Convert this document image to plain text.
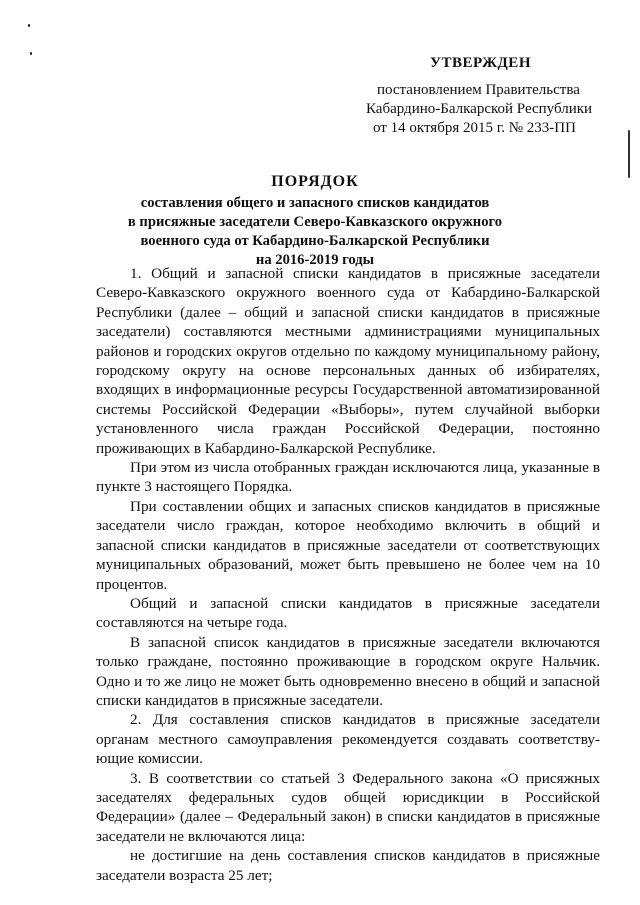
УТВЕРЖДЕН
постановлением Правительства
Кабардино-Балкарской Республики
от 14 октября 2015 г. № 233-ПП
ПОРЯДОК
составления общего и запасного списков кандидатов
в присяжные заседатели Северо-Кавказского окружного
военного суда от Кабардино-Балкарской Республики
на 2016-2019 годы

1. Общий и запасной списки кандидатов в присяжные заседатели Северо-Кавказского окружного военного суда от Кабардино-Балкарской Республики (далее – общий и запасной списки кандидатов в присяжные заседатели) составляются местными администрациями муниципальных районов и городских округов отдельно по каждому муниципальному району, городскому округу на основе персональных данных об избирателях, входящих в информационные ресурсы Государственной автоматизированной системы Российской Федерации «Выборы», путем случайной выборки установленного числа граждан Российской Федерации, постоянно проживающих в Кабардино-Балкарской Республике.

При этом из числа отобранных граждан исключаются лица, указанные в пункте 3 настоящего Порядка.

При составлении общих и запасных списков кандидатов в присяжные заседатели число граждан, которое необходимо включить в общий и запасной списки кандидатов в присяжные заседатели от соответствующих муниципальных образований, может быть превышено не более чем на 10 процентов.

Общий и запасной списки кандидатов в присяжные заседатели составляются на четыре года.

В запасной список кандидатов в присяжные заседатели включаются только граждане, постоянно проживающие в городском округе Нальчик. Одно и то же лицо не может быть одновременно внесено в общий и запасной списки кандидатов в присяжные заседатели.

2. Для составления списков кандидатов в присяжные заседатели органам местного самоуправления рекомендуется создавать соответству-ющие комиссии.

3. В соответствии со статьей 3 Федерального закона «О присяжных заседателях федеральных судов общей юрисдикции в Российской Федерации» (далее – Федеральный закон) в списки кандидатов в присяжные заседатели не включаются лица:

не достигшие на день составления списков кандидатов в присяжные заседатели возраста 25 лет;
